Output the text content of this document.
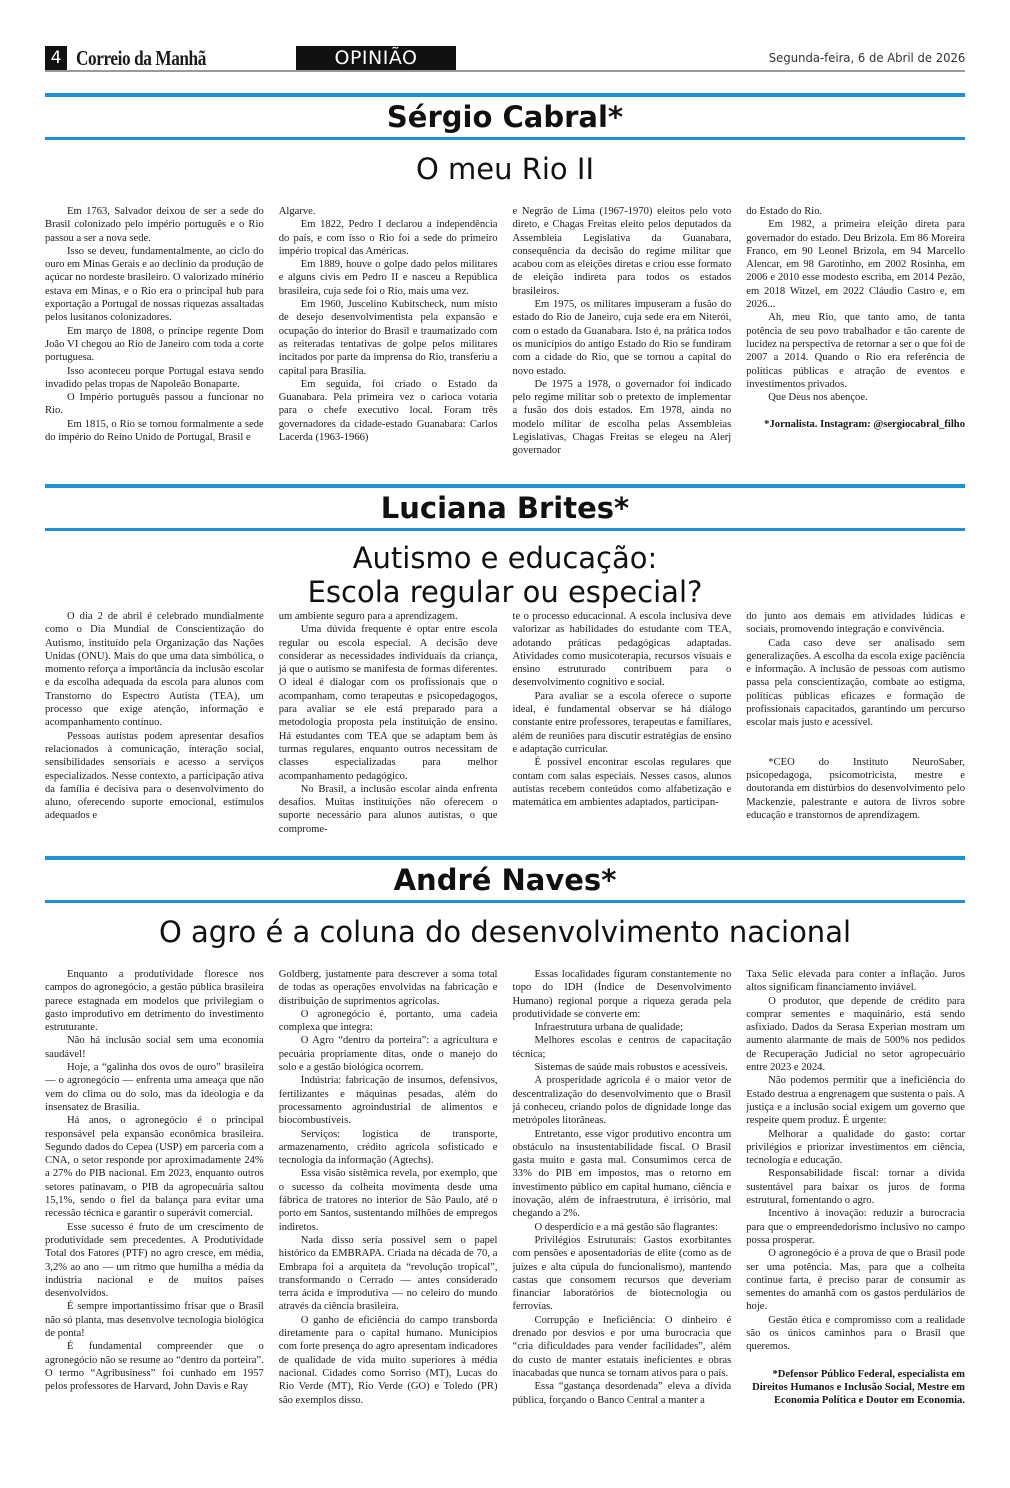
4 Correio da Manhã	OPINIÃO	Segunda-feira, 6 de Abril de 2026
Sérgio Cabral*
O meu Rio II

Em 1763, Salvador deixou de ser a sede do Brasil colonizado pelo império português e o Rio passou a ser a nova sede.

Isso se deveu, fundamentalmente, ao ciclo do ouro em Minas Gerais e ao declínio da produção de açúcar no nordeste brasileiro. O valorizado minério estava em Minas, e o Rio era o principal hub para exportação a Portugal de nossas riquezas assaltadas pelos lusitanos colonizadores.

Em março de 1808, o príncipe regente Dom João VI chegou ao Rio de Janeiro com toda a corte portuguesa.

Isso aconteceu porque Portugal estava sendo invadido pelas tropas de Napoleão Bonaparte.

O Império português passou a funcionar no Rio.

Em 1815, o Rio se tornou formalmente a sede do império do Reino Unido de Portugal, Brasil e

Algarve.

Em 1822, Pedro I declarou a independência do país, e com isso o Rio foi a sede do primeiro império tropical das Américas.

Em 1889, houve o golpe dado pelos militares e alguns civis em Pedro II e nasceu a República brasileira, cuja sede foi o Rio, mais uma vez.

Em 1960, Juscelino Kubitscheck, num misto de desejo desenvolvimentista pela expansão e ocupação do interior do Brasil e traumatizado com as reiteradas tentativas de golpe pelos militares incitados por parte da imprensa do Rio, transferiu a capital para Brasília.

Em seguida, foi criado o Estado da Guanabara. Pela primeira vez o carioca votaria para o chefe executivo local. Foram três governadores da cidade-estado Guanabara: Carlos Lacerda (1963-1966)

e Negrão de Lima (1967-1970) eleitos pelo voto direto, e Chagas Freitas eleito pelos deputados da Assembleia Legislativa da Guanabara, consequência da decisão do regime militar que acabou com as eleições diretas e criou esse formato de eleição indireta para todos os estados brasileiros.

Em 1975, os militares impuseram a fusão do estado do Rio de Janeiro, cuja sede era em Niterói, com o estado da Guanabara. Isto é, na prática todos os municípios do antigo Estado do Rio se fundiram com a cidade do Rio, que se tornou a capital do novo estado.

De 1975 a 1978, o governador foi indicado pelo regime militar sob o pretexto de implementar a fusão dos dois estados. Em 1978, ainda no modelo militar de escolha pelas Assembleias Legislativas, Chagas Freitas se elegeu na Alerj governador

do Estado do Rio.

Em 1982, a primeira eleição direta para governador do estado. Deu Brizola. Em 86 Moreira Franco, em 90 Leonel Brizola, em 94 Marcello Alencar, em 98 Garotinho, em 2002 Rosinha, em 2006 e 2010 esse modesto escriba, em 2014 Pezão, em 2018 Witzel, em 2022 Cláudio Castro e, em 2026...

Ah, meu Rio, que tanto amo, de tanta potência de seu povo trabalhador e tão carente de lucidez na perspectiva de retornar a ser o que foi de 2007 a 2014. Quando o Rio era referência de políticas públicas e atração de eventos e investimentos privados.

Que Deus nos abençoe.

*Jornalista. Instagram: @sergiocabral_filho

Luciana Brites*
Autismo e educação:
Escola regular ou especial?

O dia 2 de abril é celebrado mundialmente como o Dia Mundial de Conscientização do Autismo, instituído pela Organização das Nações Unidas (ONU). Mais do que uma data simbólica, o momento reforça a importância da inclusão escolar e da escolha adequada da escola para alunos com Transtorno do Espectro Autista (TEA), um processo que exige atenção, informação e acompanhamento contínuo.

Pessoas autistas podem apresentar desafios relacionados à comunicação, interação social, sensibilidades sensoriais e acesso a serviços especializados. Nesse contexto, a participação ativa da família é decisiva para o desenvolvimento do aluno, oferecendo suporte emocional, estímulos adequados e

um ambiente seguro para a aprendizagem.

Uma dúvida frequente é optar entre escola regular ou escola especial. A decisão deve considerar as necessidades individuais da criança, já que o autismo se manifesta de formas diferentes. O ideal é dialogar com os profissionais que o acompanham, como terapeutas e psicopedagogos, para avaliar se ele está preparado para a metodologia proposta pela instituição de ensino. Há estudantes com TEA que se adaptam bem às turmas regulares, enquanto outros necessitam de classes especializadas para melhor acompanhamento pedagógico.

No Brasil, a inclusão escolar ainda enfrenta desafios. Muitas instituições não oferecem o suporte necessário para alunos autistas, o que comprome-

te o processo educacional. A escola inclusiva deve valorizar as habilidades do estudante com TEA, adotando práticas pedagógicas adaptadas. Atividades como musicoterapia, recursos visuais e ensino estruturado contribuem para o desenvolvimento cognitivo e social.

Para avaliar se a escola oferece o suporte ideal, é fundamental observar se há diálogo constante entre professores, terapeutas e familiares, além de reuniões para discutir estratégias de ensino e adaptação curricular.

É possível encontrar escolas regulares que contam com salas especiais. Nesses casos, alunos autistas recebem conteúdos como alfabetização e matemática em ambientes adaptados, participan-

do junto aos demais em atividades lúdicas e sociais, promovendo integração e convivência.

Cada caso deve ser analisado sem generalizações. A escolha da escola exige paciência e informação. A inclusão de pessoas com autismo passa pela conscientização, combate ao estigma, políticas públicas eficazes e formação de profissionais capacitados, garantindo um percurso escolar mais justo e acessível.

*CEO do Instituto NeuroSaber, psicopedagoga, psicomotricista, mestre e doutoranda em distúrbios do desenvolvimento pelo Mackenzie, palestrante e autora de livros sobre educação e transtornos de aprendizagem.

André Naves*
O agro é a coluna do desenvolvimento nacional

Enquanto a produtividade floresce nos campos do agronegócio, a gestão pública brasileira parece estagnada em modelos que privilegiam o gasto improdutivo em detrimento do investimento estruturante.

Não há inclusão social sem uma economia saudável!

Hoje, a “galinha dos ovos de ouro” brasileira — o agronegócio — enfrenta uma ameaça que não vem do clima ou do solo, mas da ideologia e da insensatez de Brasília.

Há anos, o agronegócio é o principal responsável pela expansão econômica brasileira. Segundo dados do Cepea (USP) em parceria com a CNA, o setor responde por aproximadamente 24% a 27% do PIB nacional. Em 2023, enquanto outros setores patinavam, o PIB da agropecuária saltou 15,1%, sendo o fiel da balança para evitar uma recessão técnica e garantir o superávit comercial.

Esse sucesso é fruto de um crescimento de produtividade sem precedentes. A Produtividade Total dos Fatores (PTF) no agro cresce, em média, 3,2% ao ano — um ritmo que humilha a média da indústria nacional e de muitos países desenvolvidos.

É sempre importantíssimo frisar que o Brasil não só planta, mas desenvolve tecnologia biológica de ponta!

É fundamental compreender que o agronegócio não se resume ao “dentro da porteira”. O termo “Agribusiness” foi cunhado em 1957 pelos professores de Harvard, John Davis e Ray

Goldberg, justamente para descrever a soma total de todas as operações envolvidas na fabricação e distribuição de suprimentos agrícolas.

O agronegócio é, portanto, uma cadeia complexa que integra:

O Agro “dentro da porteira”: a agricultura e pecuária propriamente ditas, onde o manejo do solo e a gestão biológica ocorrem.

Indústria: fabricação de insumos, defensivos, fertilizantes e máquinas pesadas, além do processamento agroindustrial de alimentos e biocombustíveis.

Serviços: logística de transporte, armazenamento, crédito agrícola sofisticado e tecnologia da informação (Agtechs).

Essa visão sistêmica revela, por exemplo, que o sucesso da colheita movimenta desde uma fábrica de tratores no interior de São Paulo, até o porto em Santos, sustentando milhões de empregos indiretos.

Nada disso seria possível sem o papel histórico da EMBRAPA. Criada na década de 70, a Embrapa foi a arquiteta da “revolução tropical”, transformando o Cerrado — antes considerado terra ácida e improdutiva — no celeiro do mundo através da ciência brasileira.

O ganho de eficiência do campo transborda diretamente para o capital humano. Municípios com forte presença do agro apresentam indicadores de qualidade de vida muito superiores à média nacional. Cidades como Sorriso (MT), Lucas do Rio Verde (MT), Rio Verde (GO) e Toledo (PR) são exemplos disso.

Essas localidades figuram constantemente no topo do IDH (Índice de Desenvolvimento Humano) regional porque a riqueza gerada pela produtividade se converte em:

Infraestrutura urbana de qualidade;

Melhores escolas e centros de capacitação técnica;

Sistemas de saúde mais robustos e acessíveis.

A prosperidade agrícola é o maior vetor de descentralização do desenvolvimento que o Brasil já conheceu, criando polos de dignidade longe das metrópoles litorâneas.

Entretanto, esse vigor produtivo encontra um obstáculo na insustentabilidade fiscal. O Brasil gasta muito e gasta mal. Consumimos cerca de 33% do PIB em impostos, mas o retorno em investimento público em capital humano, ciência e inovação, além de infraestrutura, é irrisório, mal chegando a 2%.

O desperdício e a má gestão são flagrantes:

Privilégios Estruturais: Gastos exorbitantes com pensões e aposentadorias de elite (como as de juízes e alta cúpula do funcionalismo), mantendo castas que consomem recursos que deveriam financiar laboratórios de biotecnologia ou ferrovias.

Corrupção e Ineficiência: O dinheiro é drenado por desvios e por uma burocracia que “cria dificuldades para vender facilidades”, além do custo de manter estatais ineficientes e obras inacabadas que nunca se tornam ativos para o país.

Essa “gastança desordenada” eleva a dívida pública, forçando o Banco Central a manter a

Taxa Selic elevada para conter a inflação. Juros altos significam financiamento inviável.

O produtor, que depende de crédito para comprar sementes e maquinário, está sendo asfixiado. Dados da Serasa Experian mostram um aumento alarmante de mais de 500% nos pedidos de Recuperação Judicial no setor agropecuário entre 2023 e 2024.

Não podemos permitir que a ineficiência do Estado destrua a engrenagem que sustenta o país. A justiça e a inclusão social exigem um governo que respeite quem produz. É urgente:

Melhorar a qualidade do gasto: cortar privilégios e priorizar investimentos em ciência, tecnologia e educação.

Responsabilidade fiscal: tornar a dívida sustentável para baixar os juros de forma estrutural, fomentando o agro.

Incentivo à inovação: reduzir a burocracia para que o empreendedorismo inclusivo no campo possa prosperar.

O agronegócio é a prova de que o Brasil pode ser uma potência. Mas, para que a colheita continue farta, é preciso parar de consumir as sementes do amanhã com os gastos perdulários de hoje.

Gestão ética e compromisso com a realidade são os únicos caminhos para o Brasil que queremos.

*Defensor Público Federal, especialista em Direitos Humanos e Inclusão Social, Mestre em Economia Política e Doutor em Economia.
